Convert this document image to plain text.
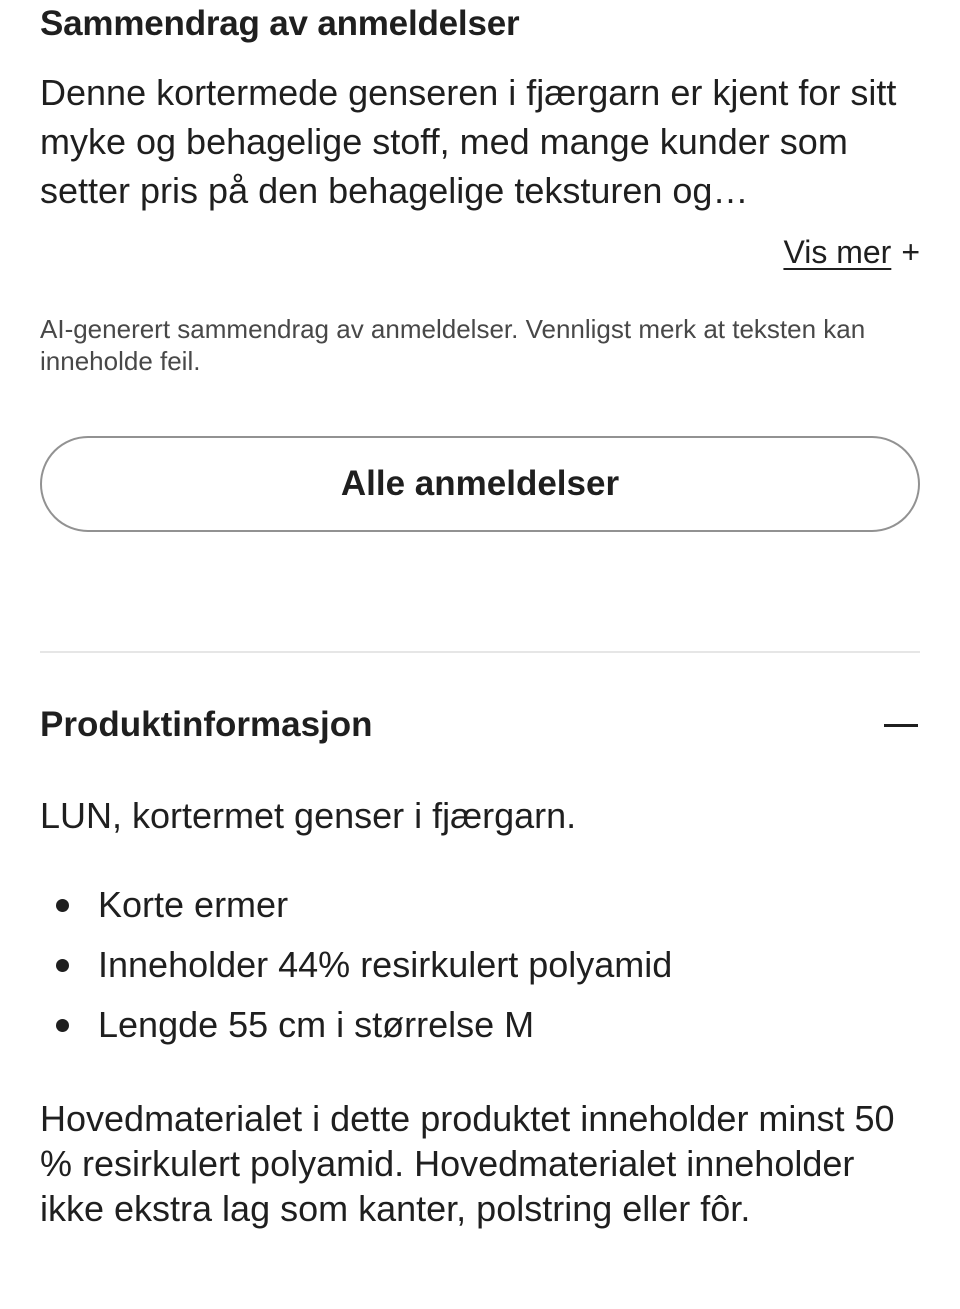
Sammendrag av anmeldelser

Denne kortermede genseren i fjærgarn er kjent for sitt myke og behagelige stoff, med mange kunder som setter pris på den behagelige teksturen og…

Vis mer +

AI-generert sammendrag av anmeldelser. Vennligst merk at teksten kan inneholde feil.

Alle anmeldelser
Produktinformasjon

LUN, kortermet genser i fjærgarn.

Korte ermer
Inneholder 44% resirkulert polyamid
Lengde 55 cm i størrelse M

Hovedmaterialet i dette produktet inneholder minst 50 % resirkulert polyamid. Hovedmaterialet inneholder ikke ekstra lag som kanter, polstring eller fôr.
